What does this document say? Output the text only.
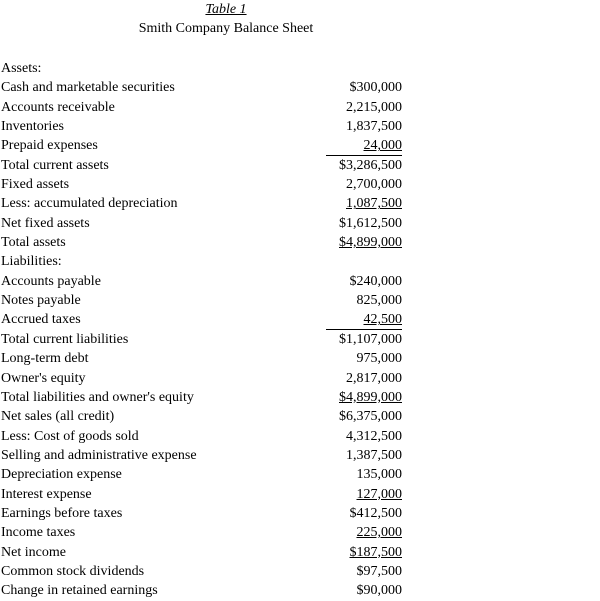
Table 1
Smith Company Balance Sheet
Assets:
Cash and marketable securities	$300,000
Accounts receivable	2,215,000
Inventories	1,837,500
Prepaid expenses	24,000
Total current assets	$3,286,500
Fixed assets	2,700,000
Less: accumulated depreciation	1,087,500
Net fixed assets	$1,612,500
Total assets	$4,899,000
Liabilities:
Accounts payable	$240,000
Notes payable	825,000
Accrued taxes	42,500
Total current liabilities	$1,107,000
Long-term debt	975,000
Owner's equity	2,817,000
Total liabilities and owner's equity	$4,899,000
Net sales (all credit)	$6,375,000
Less: Cost of goods sold	4,312,500
Selling and administrative expense	1,387,500
Depreciation expense	135,000
Interest expense	127,000
Earnings before taxes	$412,500
Income taxes	225,000
Net income	$187,500
Common stock dividends	$97,500
Change in retained earnings	$90,000
